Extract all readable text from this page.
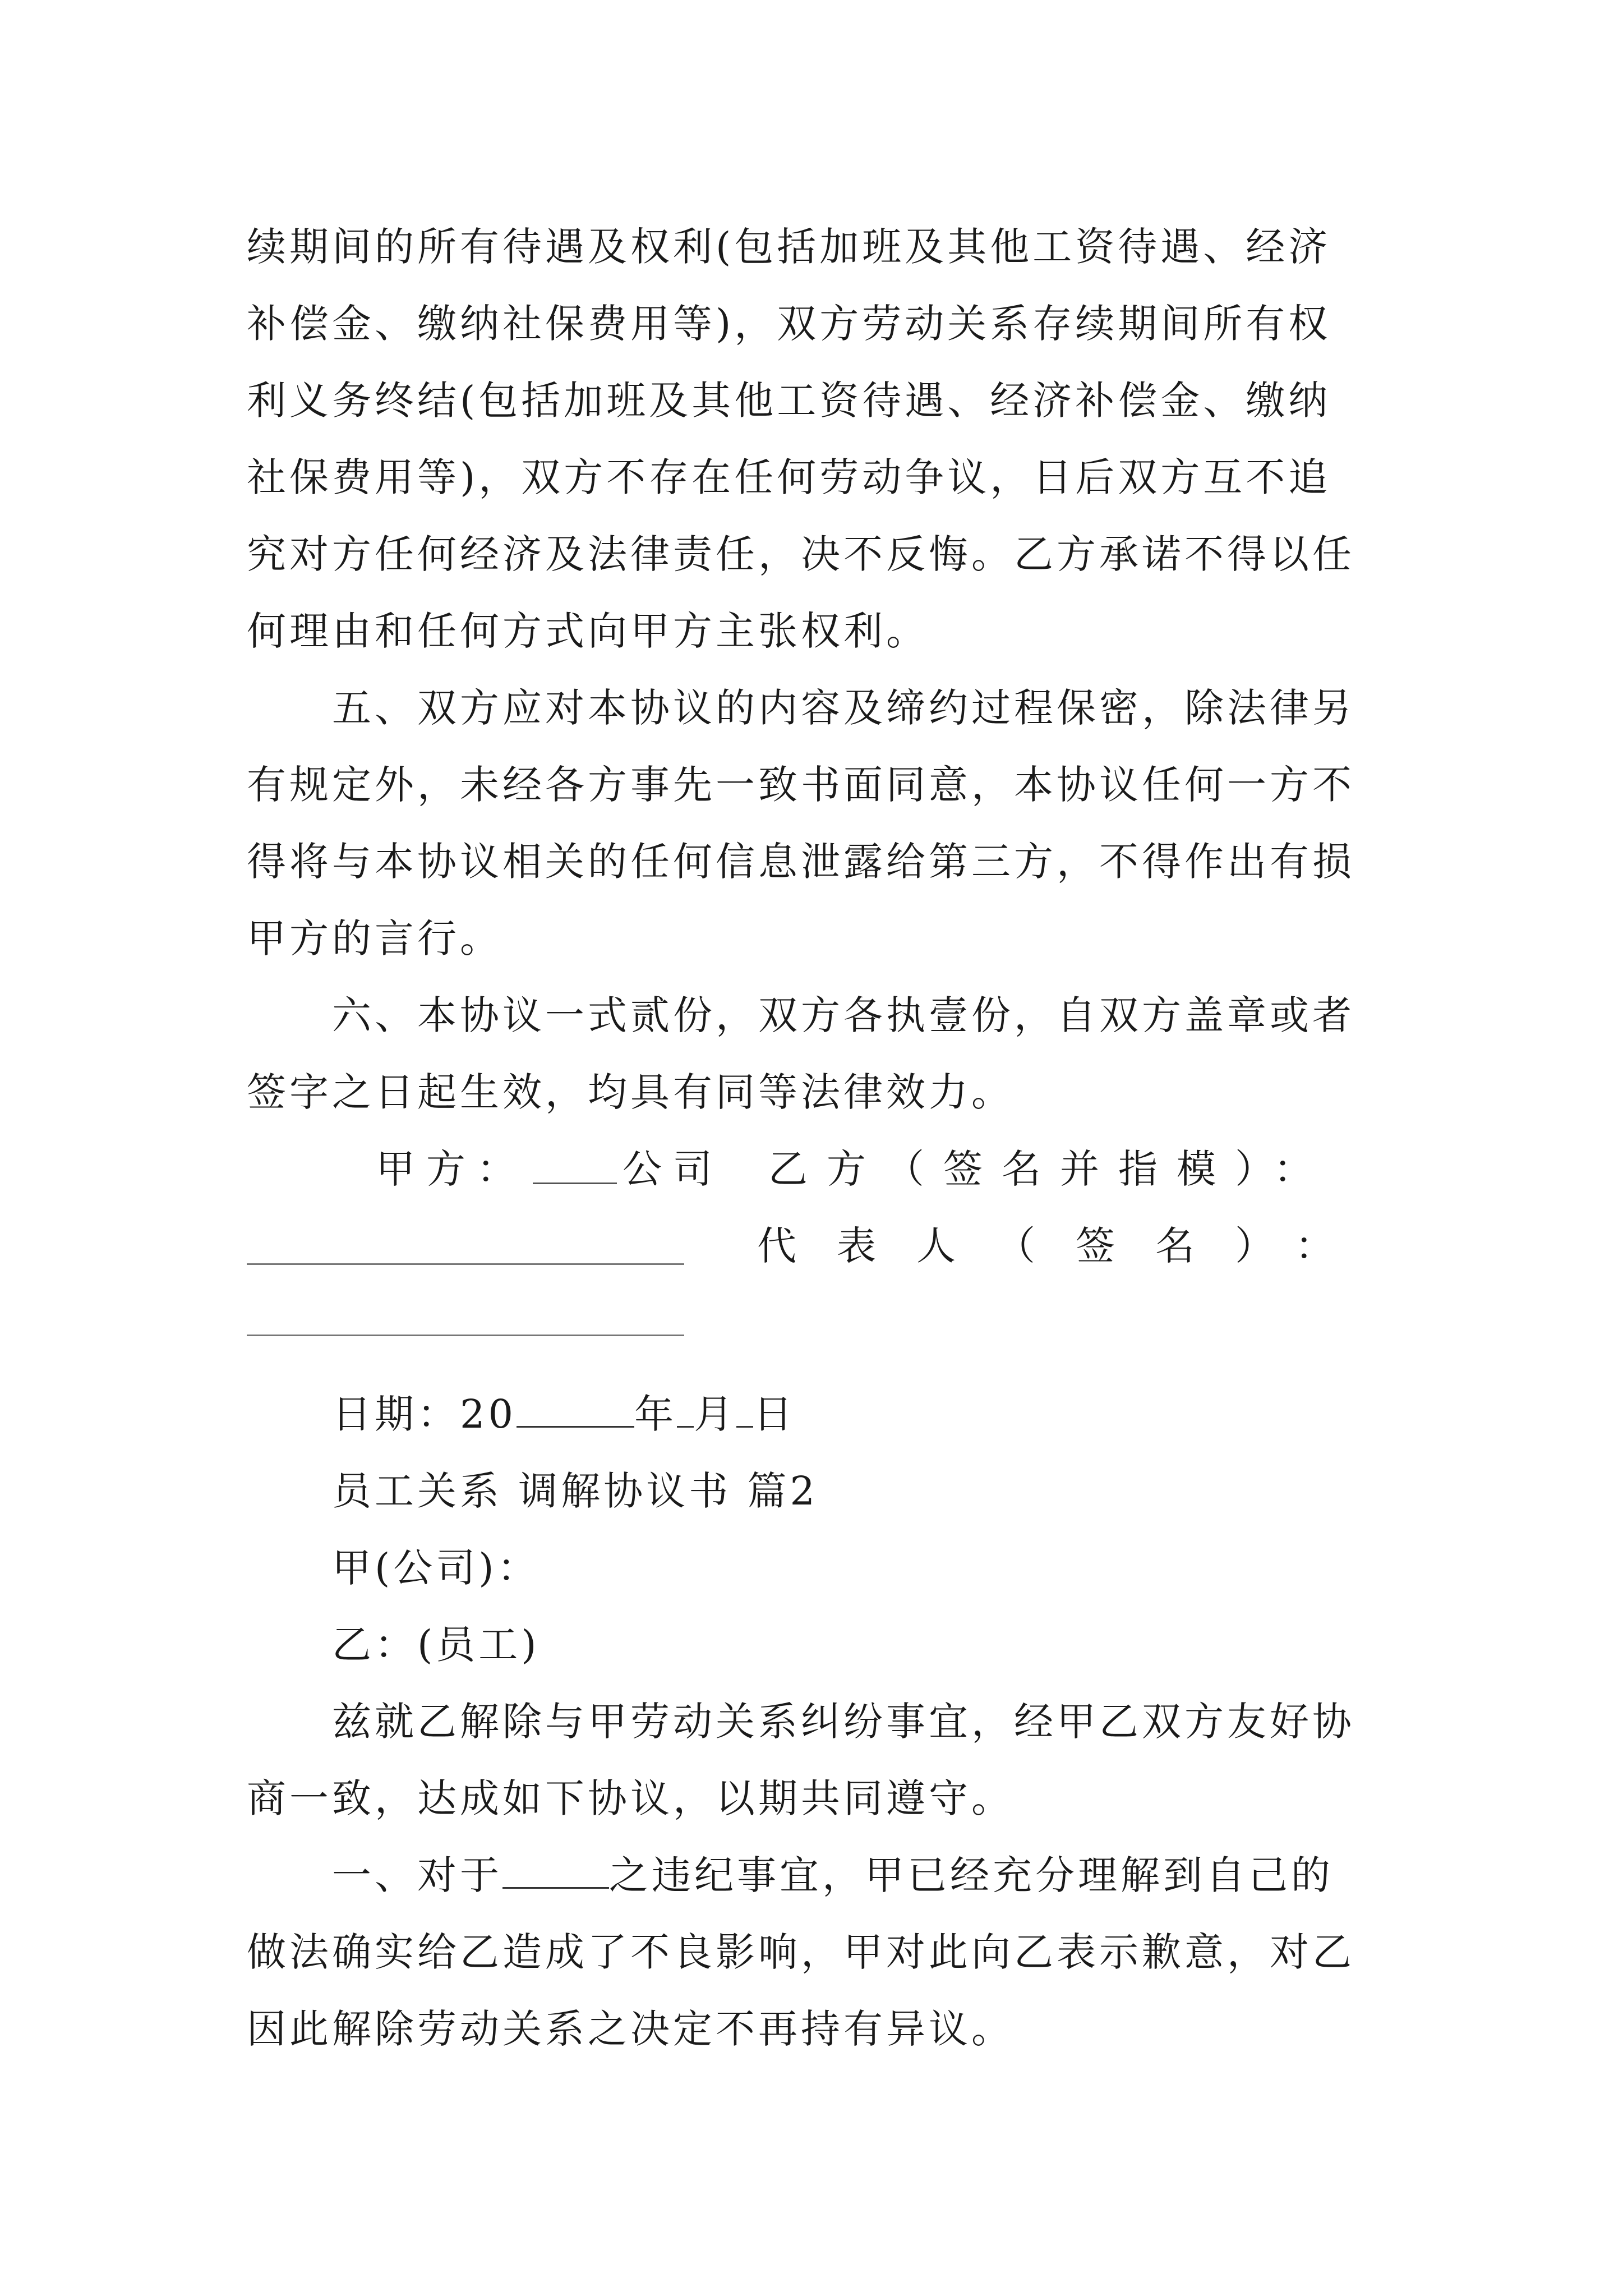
续期间的所有待遇及权利(包括加班及其他工资待遇、经济
补偿金、缴纳社保费用等)，双方劳动关系存续期间所有权
利义务终结(包括加班及其他工资待遇、经济补偿金、缴纳
社保费用等)，双方不存在任何劳动争议，日后双方互不追
究对方任何经济及法律责任，决不反悔。乙方承诺不得以任
何理由和任何方式向甲方主张权利。
五、双方应对本协议的内容及缔约过程保密，除法律另
有规定外，未经各方事先一致书面同意，本协议任何一方不
得将与本协议相关的任何信息泄露给第三方，不得作出有损
甲方的言行。
六、本协议一式贰份，双方各执壹份，自双方盖章或者
签字之日起生效，均具有同等法律效力。
甲方： 公司 乙方（签名并指模）：
代表人（签名）：
日期：20	年 月 日
员工关系 调解协议书 篇2
甲(公司)：
乙：(员工)
兹就乙解除与甲劳动关系纠纷事宜，经甲乙双方友好协
商一致，达成如下协议，以期共同遵守。
一、对于	之违纪事宜，甲已经充分理解到自己的
做法确实给乙造成了不良影响，甲对此向乙表示歉意，对乙
因此解除劳动关系之决定不再持有异议。
